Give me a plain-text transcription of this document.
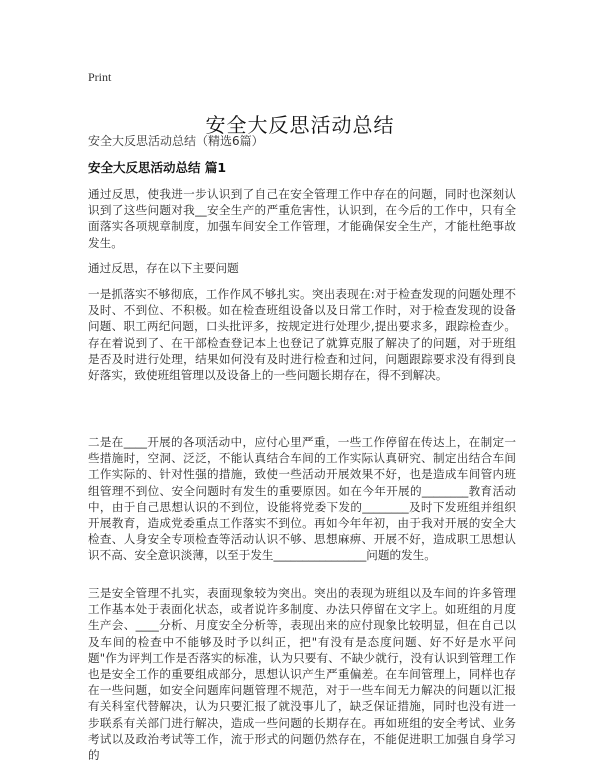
Print
安全大反思活动总结
安全大反思活动总结（精选6篇）
安全大反思活动总结 篇1

通过反思，使我进一步认识到了自己在安全管理工作中存在的问题，同时也深刻认识到了这些问题对我__安全生产的严重危害性，认识到，在今后的工作中，只有全面落实各项规章制度，加强车间安全工作管理，才能确保安全生产，才能杜绝事故发生。

通过反思，存在以下主要问题

一是抓落实不够彻底，工作作风不够扎实。突出表现在:对于检查发现的问题处理不及时、不到位、不积极。如在检查班组设备以及日常工作时，对于检查发现的设备问题、职工两纪问题，口头批评多，按规定进行处理少,提出要求多，跟踪检查少。存在着说到了、在干部检查登记本上也登记了就算克服了解决了的问题，对于班组是否及时进行处理，结果如何没有及时进行检查和过问，问题跟踪要求没有得到良好落实，致使班组管理以及设备上的一些问题长期存在，得不到解决。

二是在____开展的各项活动中，应付心里严重，一些工作停留在传达上，在制定一些措施时，空洞、泛泛，不能认真结合车间的工作实际认真研究、制定出结合车间工作实际的、针对性强的措施，致使一些活动开展效果不好，也是造成车间管内班组管理不到位、安全问题时有发生的重要原因。如在今年开展的________教育活动中，由于自己思想认识的不到位，设能将党委下发的________及时下发班组并组织开展教育，造成党委重点工作落实不到位。再如今年年初，由于我对开展的安全大检查、人身安全专项检查等活动认识不够、思想麻痹、开展不好，造成职工思想认识不高、安全意识淡薄，以至于发生________________问题的发生。

三是安全管理不扎实，表面现象较为突出。突出的表现为班组以及车间的许多管理工作基本处于表面化状态，或者说许多制度、办法只停留在文字上。如班组的月度生产会、____分析、月度安全分析等，表现出来的应付现象比较明显，但在自己以及车间的检查中不能够及时予以纠正，把"有没有是态度问题、好不好是水平问题"作为评判工作是否落实的标准，认为只要有、不缺少就行，没有认识到管理工作也是安全工作的重要组成部分，思想认识产生严重偏差。在车间管理上，同样也存在一些问题，如安全问题库问题管理不规范，对于一些车间无力解决的问题以汇报有关科室代替解决，认为只要汇报了就没事儿了，缺乏保证措施，同时也没有进一步联系有关部门进行解决，造成一些问题的长期存在。再如班组的安全考试、业务考试以及政治考试等工作，流于形式的问题仍然存在，不能促进职工加强自身学习的
